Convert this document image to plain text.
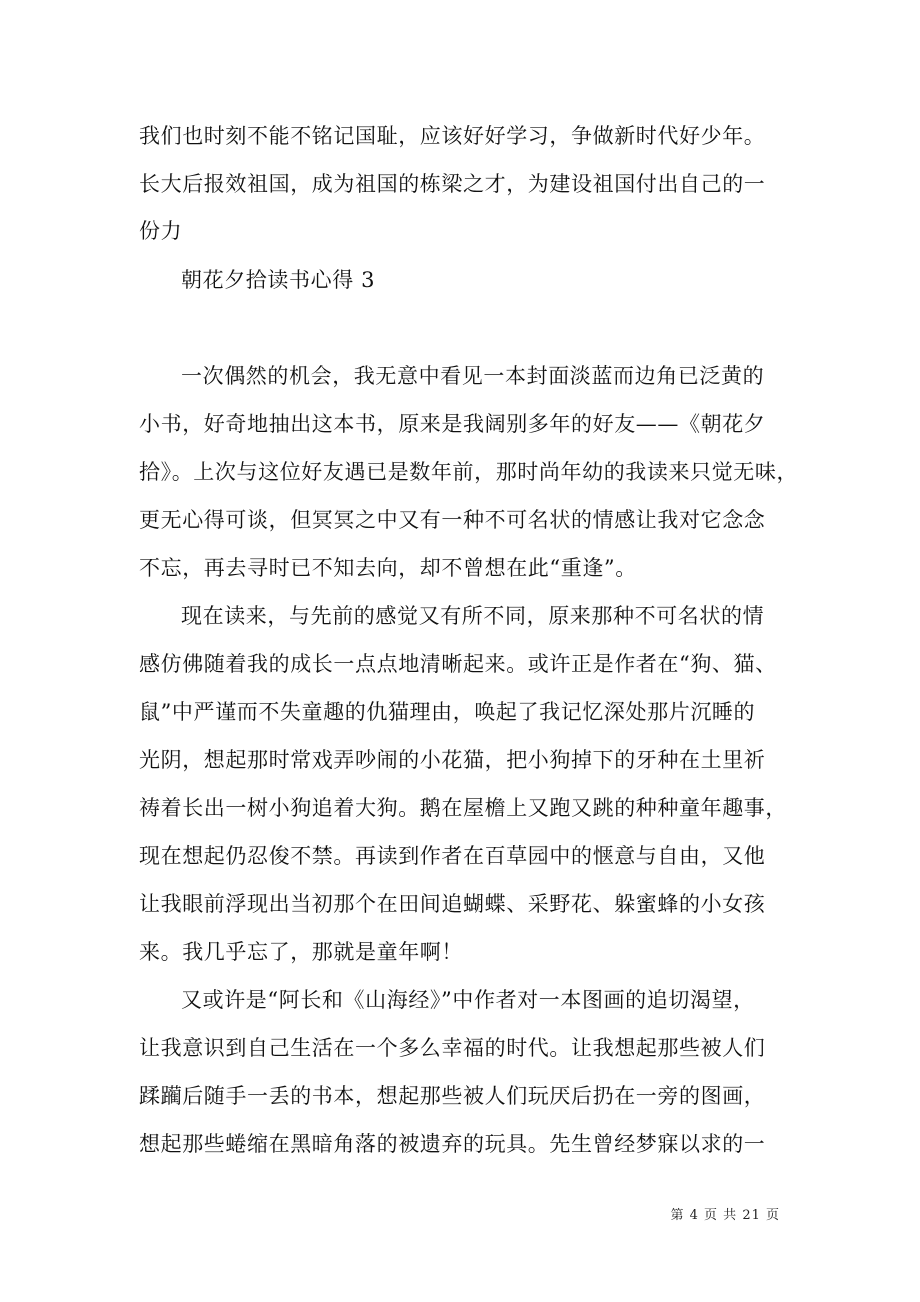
我们也时刻不能不铭记国耻，应该好好学习，争做新时代好少年。
长大后报效祖国，成为祖国的栋梁之才，为建设祖国付出自己的一
份力
朝花夕拾读书心得 3
一次偶然的机会，我无意中看见一本封面淡蓝而边角已泛黄的
小书，好奇地抽出这本书，原来是我阔别多年的好友——《朝花夕
拾》。上次与这位好友遇已是数年前，那时尚年幼的我读来只觉无味，
更无心得可谈，但冥冥之中又有一种不可名状的情感让我对它念念
不忘，再去寻时已不知去向，却不曾想在此“重逢”。
现在读来，与先前的感觉又有所不同，原来那种不可名状的情
感仿佛随着我的成长一点点地清晰起来。或许正是作者在“狗、猫、
鼠”中严谨而不失童趣的仇猫理由，唤起了我记忆深处那片沉睡的
光阴，想起那时常戏弄吵闹的小花猫，把小狗掉下的牙种在土里祈
祷着长出一树小狗追着大狗。鹅在屋檐上又跑又跳的种种童年趣事，
现在想起仍忍俊不禁。再读到作者在百草园中的惬意与自由，又他
让我眼前浮现出当初那个在田间追蝴蝶、采野花、躲蜜蜂的小女孩
来。我几乎忘了，那就是童年啊！
又或许是“阿长和《山海经》”中作者对一本图画的追切渴望，
让我意识到自己生活在一个多么幸福的时代。让我想起那些被人们
蹂躏后随手一丢的书本，想起那些被人们玩厌后扔在一旁的图画，
想起那些蜷缩在黑暗角落的被遗弃的玩具。先生曾经梦寐以求的一
第 4 页 共 21 页
